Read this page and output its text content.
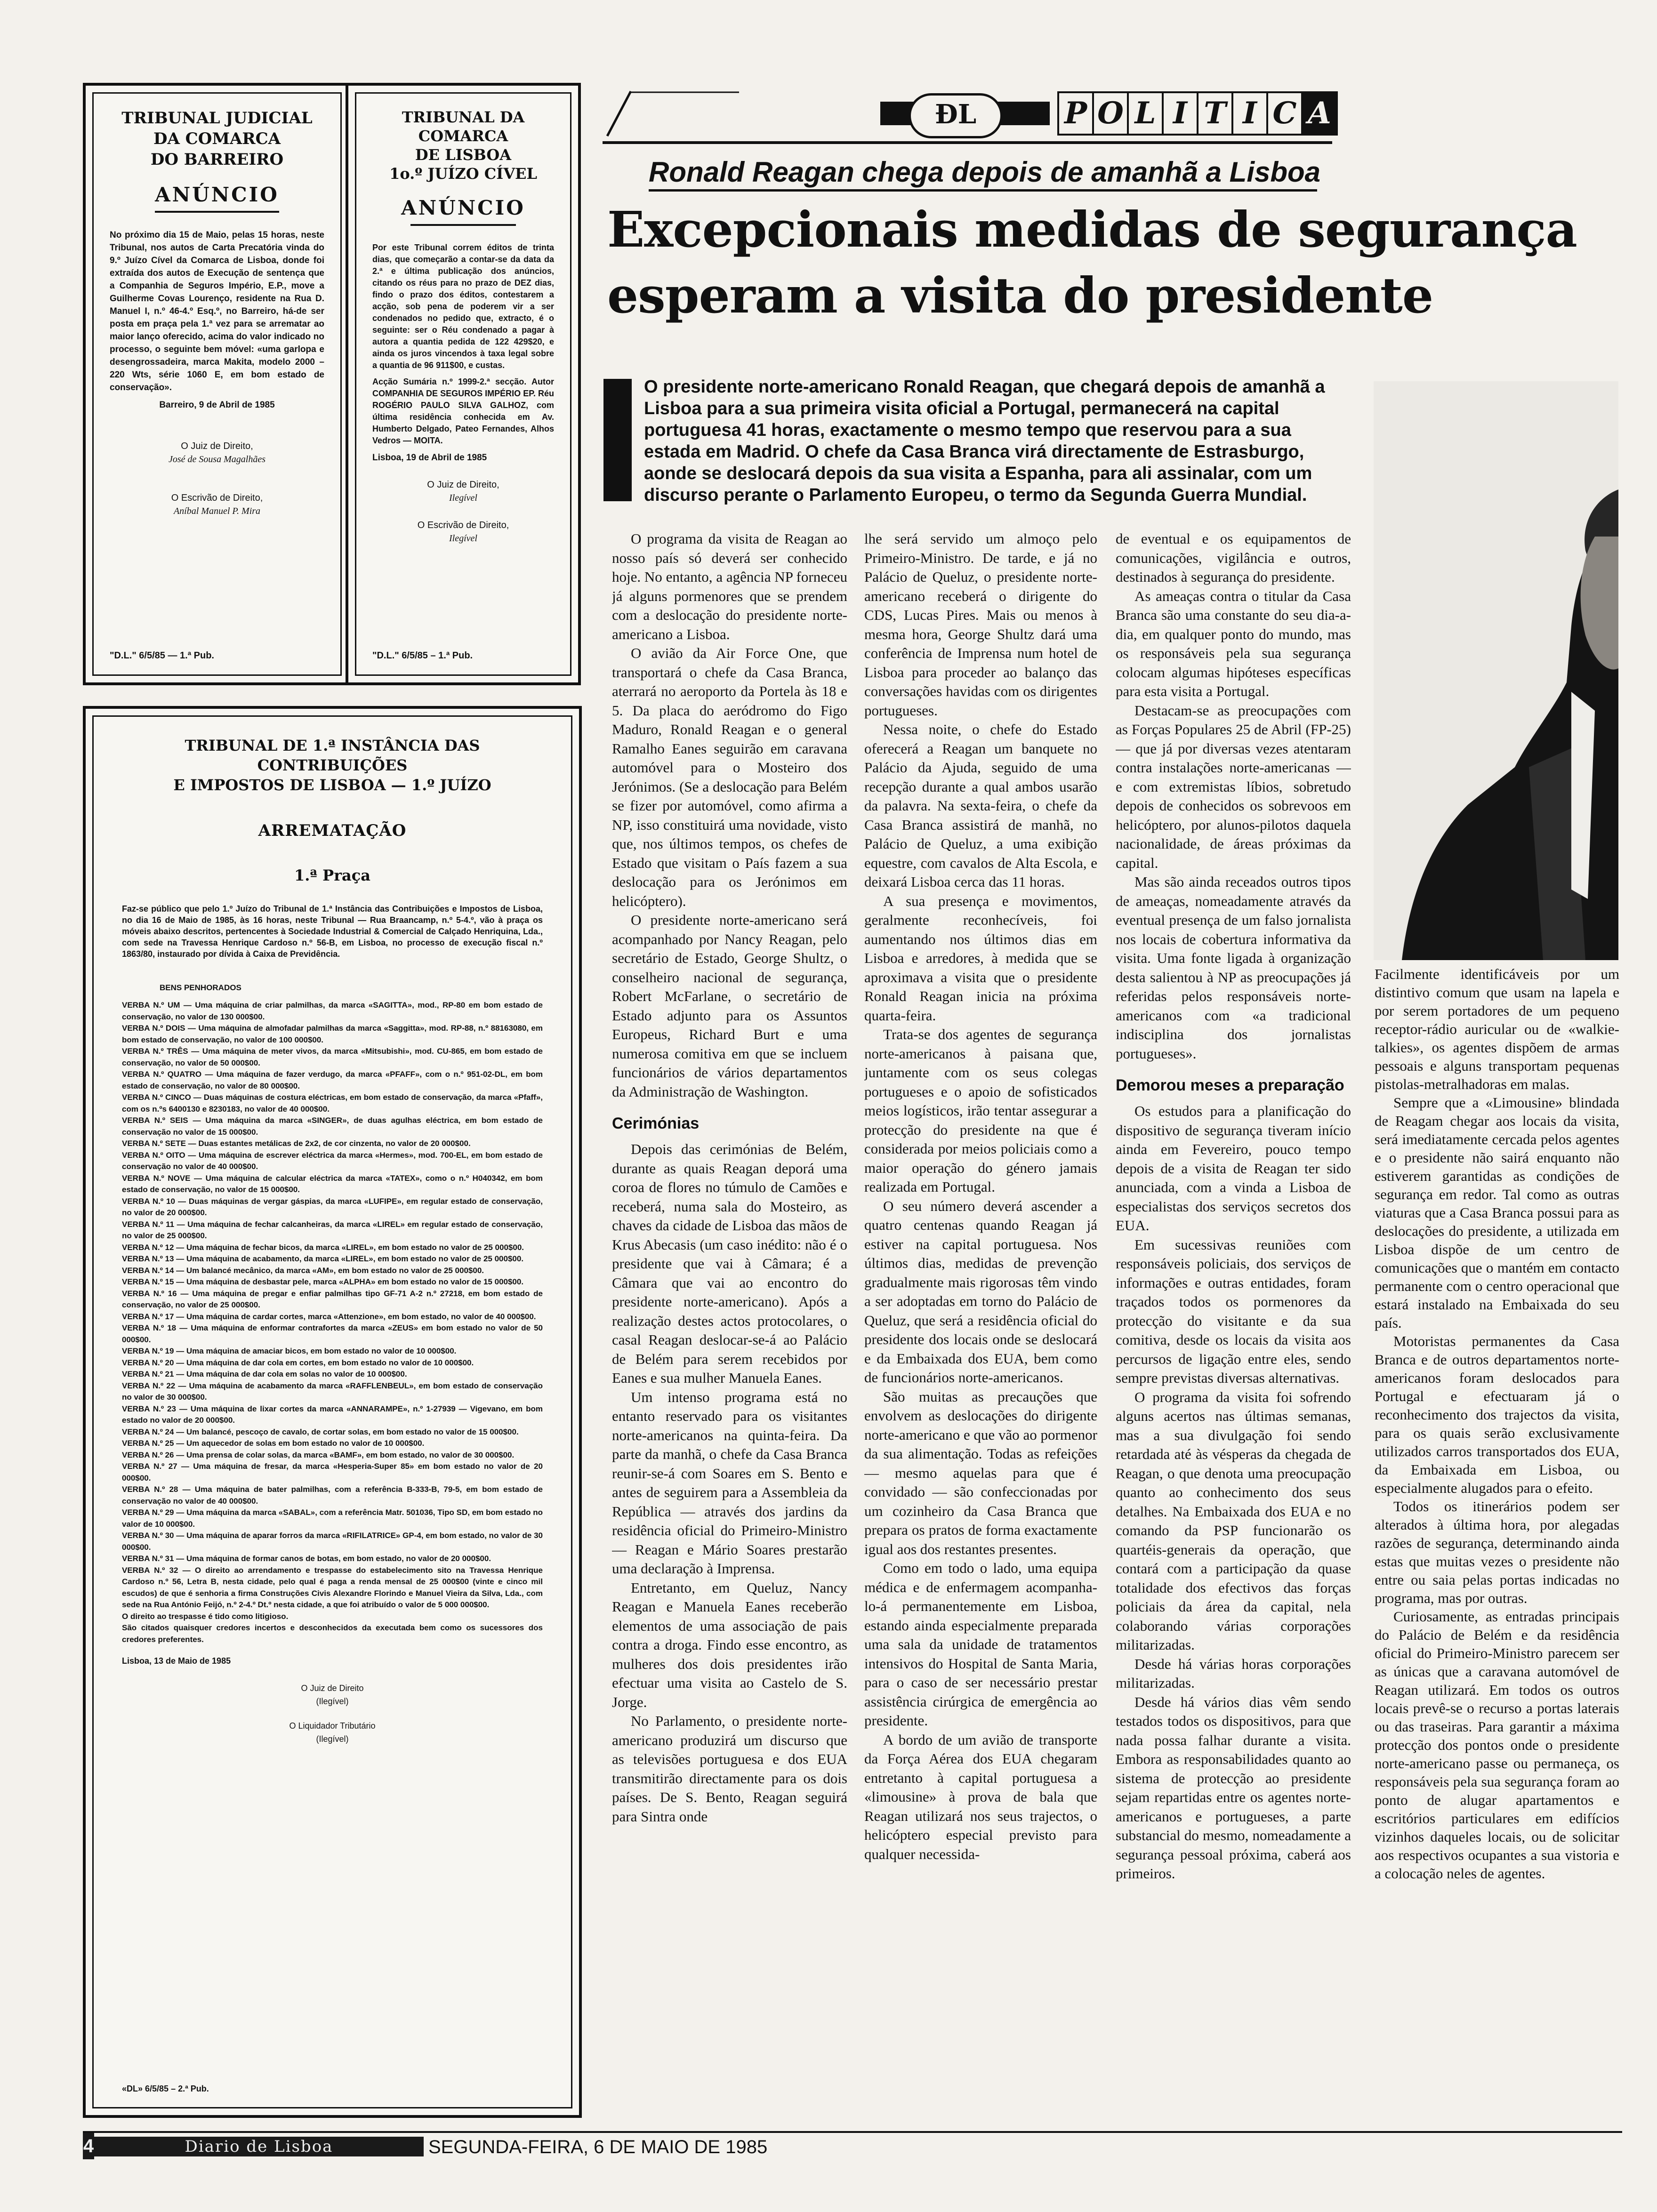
TRIBUNAL JUDICIAL

DA COMARCA

DO BARREIRO

ANÚNCIO

No próximo dia 15 de Maio, pelas 15 horas, neste Tribunal, nos autos de Carta Precatória vinda do 9.º Juízo Cível da Comarca de Lisboa, donde foi extraída dos autos de Execução de sentença que a Companhia de Seguros Império, E.P., move a Guilherme Covas Lourenço, residente na Rua D. Manuel I, n.º 46-4.º Esq.º, no Barreiro, há-de ser posta em praça pela 1.ª vez para se arrematar ao maior lanço oferecido, acima do valor indicado no processo, o seguinte bem móvel: «uma garlopa e desengrossadeira, marca Makita, modelo 2000 – 220 Wts, série 1060 E, em bom estado de conservação».

Barreiro, 9 de Abril de 1985

O Juiz de Direito,

José de Sousa Magalhães

O Escrivão de Direito,

Aníbal Manuel P. Mira

"D.L." 6/5/85 — 1.ª Pub.

TRIBUNAL DA COMARCA

DE LISBOA

1o.º JUÍZO CÍVEL

ANÚNCIO

Por este Tribunal correm éditos de trinta dias, que começarão a contar-se da data da 2.ª e última publicação dos anúncios, citando os réus para no prazo de DEZ dias, findo o prazo dos éditos, contestarem a acção, sob pena de poderem vir a ser condenados no pedido que, extracto, é o seguinte: ser o Réu condenado a pagar à autora a quantia pedida de 122 429$20, e ainda os juros vincendos à taxa legal sobre a quantia de 96 911$00, e custas.

Acção Sumária n.º 1999-2.ª secção. Autor COMPANHIA DE SEGUROS IMPÉRIO EP. Réu ROGÉRIO PAULO SILVA GALHOZ, com última residência conhecida em Av. Humberto Delgado, Pateo Fernandes, Alhos Vedros — MOITA.

Lisboa, 19 de Abril de 1985

O Juiz de Direito,

Ilegível

O Escrivão de Direito,

Ilegível

"D.L." 6/5/85 – 1.ª Pub.

TRIBUNAL DE 1.ª INSTÂNCIA DAS CONTRIBUIÇÕES

E IMPOSTOS DE LISBOA — 1.º JUÍZO

ARREMATAÇÃO

1.ª Praça

Faz-se público que pelo 1.º Juízo do Tribunal de 1.ª Instância das Contribuições e Impostos de Lisboa, no dia 16 de Maio de 1985, às 16 horas, neste Tribunal — Rua Braancamp, n.º 5-4.º, vão à praça os móveis abaixo descritos, pertencentes à Sociedade Industrial & Comercial de Calçado Henriquina, Lda., com sede na Travessa Henrique Cardoso n.º 56-B, em Lisboa, no processo de execução fiscal n.º 1863/80, instaurado por dívida à Caixa de Previdência.

BENS PENHORADOS

VERBA N.º UM — Uma máquina de criar palmilhas, da marca «SAGITTA», mod., RP-80 em bom estado de conservação, no valor de 130 000$00.

VERBA N.º DOIS — Uma máquina de almofadar palmilhas da marca «Saggitta», mod. RP-88, n.º 88163080, em bom estado de conservação, no valor de 100 000$00.

VERBA N.º TRÊS — Uma máquina de meter vivos, da marca «Mitsubishi», mod. CU-865, em bom estado de conservação, no valor de 50 000$00.

VERBA N.º QUATRO — Uma máquina de fazer verdugo, da marca «PFAFF», com o n.º 951-02-DL, em bom estado de conservação, no valor de 80 000$00.

VERBA N.º CINCO — Duas máquinas de costura eléctricas, em bom estado de conservação, da marca «Pfaff», com os n.ºs 6400130 e 8230183, no valor de 40 000$00.

VERBA N.º SEIS — Uma máquina da marca «SINGER», de duas agulhas eléctrica, em bom estado de conservação no valor de 15 000$00.

VERBA N.º SETE — Duas estantes metálicas de 2x2, de cor cinzenta, no valor de 20 000$00.

VERBA N.º OITO — Uma máquina de escrever eléctrica da marca «Hermes», mod. 700-EL, em bom estado de conservação no valor de 40 000$00.

VERBA N.º NOVE — Uma máquina de calcular eléctrica da marca «TATEX», como o n.º H040342, em bom estado de conservação, no valor de 15 000$00.

VERBA N.º 10 — Duas máquinas de vergar gáspias, da marca «LUFIPE», em regular estado de conservação, no valor de 20 000$00.

VERBA N.º 11 — Uma máquina de fechar calcanheiras, da marca «LIREL» em regular estado de conservação, no valor de 25 000$00.

VERBA N.º 12 — Uma máquina de fechar bicos, da marca «LIREL», em bom estado no valor de 25 000$00.

VERBA N.º 13 — Uma máquina de acabamento, da marca «LIREL», em bom estado no valor de 25 000$00.

VERBA N.º 14 — Um balancé mecânico, da marca «AM», em bom estado no valor de 25 000$00.

VERBA N.º 15 — Uma máquina de desbastar pele, marca «ALPHA» em bom estado no valor de 15 000$00.

VERBA N.º 16 — Uma máquina de pregar e enfiar palmilhas tipo GF-71 A-2 n.º 27218, em bom estado de conservação, no valor de 25 000$00.

VERBA N.º 17 — Uma máquina de cardar cortes, marca «Attenzione», em bom estado, no valor de 40 000$00.

VERBA N.º 18 — Uma máquina de enformar contrafortes da marca «ZEUS» em bom estado no valor de 50 000$00.

VERBA N.º 19 — Uma máquina de amaciar bicos, em bom estado no valor de 10 000$00.

VERBA N.º 20 — Uma máquina de dar cola em cortes, em bom estado no valor de 10 000$00.

VERBA N.º 21 — Uma máquina de dar cola em solas no valor de 10 000$00.

VERBA N.º 22 — Uma máquina de acabamento da marca «RAFFLENBEUL», em bom estado de conservação no valor de 30 000$00.

VERBA N.º 23 — Uma máquina de lixar cortes da marca «ANNARAMPE», n.º 1-27939 — Vigevano, em bom estado no valor de 20 000$00.

VERBA N.º 24 — Um balancé, pescoço de cavalo, de cortar solas, em bom estado no valor de 15 000$00.

VERBA N.º 25 — Um aquecedor de solas em bom estado no valor de 10 000$00.

VERBA N.º 26 — Uma prensa de colar solas, da marca «BAMF», em bom estado, no valor de 30 000$00.

VERBA N.º 27 — Uma máquina de fresar, da marca «Hesperia-Super 85» em bom estado no valor de 20 000$00.

VERBA N.º 28 — Uma máquina de bater palmilhas, com a referência B-333-B, 79-5, em bom estado de conservação no valor de 40 000$00.

VERBA N.º 29 — Uma máquina da marca «SABAL», com a referência Matr. 501036, Tipo SD, em bom estado no valor de 10 000$00.

VERBA N.º 30 — Uma máquina de aparar forros da marca «RIFILATRICE» GP-4, em bom estado, no valor de 30 000$00.

VERBA N.º 31 — Uma máquina de formar canos de botas, em bom estado, no valor de 20 000$00.

VERBA N.º 32 — O direito ao arrendamento e trespasse do estabelecimento sito na Travessa Henrique Cardoso n.º 56, Letra B, nesta cidade, pelo qual é paga a renda mensal de 25 000$00 (vinte e cinco mil escudos) de que é senhoria a firma Construções Civis Alexandre Florindo e Manuel Vieira da Silva, Lda., com sede na Rua António Feijó, n.º 2-4.º Dt.º nesta cidade, a que foi atribuído o valor de 5 000 000$00.

O direito ao trespasse é tido como litigioso.

São citados quaisquer credores incertos e desconhecidos da executada bem como os sucessores dos credores preferentes.

Lisboa, 13 de Maio de 1985

O Juiz de Direito

(Ilegível)

O Liquidador Tributário

(Ilegível)

«DL» 6/5/85 – 2.ª Pub.
ÐL	P O L I T I C A
Ronald Reagan chega depois de amanhã a Lisboa
Excepcionais medidas de segurança
esperam a visita do presidente
I	O presidente norte-americano Ronald Reagan, que chegará depois de amanhã a Lisboa para a sua primeira visita oficial a Portugal, permanecerá na capital portuguesa 41 horas, exactamente o mesmo tempo que reservou para a sua estada em Madrid. O chefe da Casa Branca virá directamente de Estrasburgo, aonde se deslocará depois da sua visita a Espanha, para ali assinalar, com um discurso perante o Parlamento Europeu, o termo da Segunda Guerra Mundial.

O programa da visita de Reagan ao nosso país só deverá ser conhecido hoje. No entanto, a agência NP forneceu já alguns pormenores que se prendem com a deslocação do presidente norte-americano a Lisboa.

O avião da Air Force One, que transportará o chefe da Casa Branca, aterrará no aeroporto da Portela às 18 e 5. Da placa do aeródromo do Figo Maduro, Ronald Reagan e o general Ramalho Eanes seguirão em caravana automóvel para o Mosteiro dos Jerónimos. (Se a deslocação para Belém se fizer por automóvel, como afirma a NP, isso constituirá uma novidade, visto que, nos últimos tempos, os chefes de Estado que visitam o País fazem a sua deslocação para os Jerónimos em helicóptero).

O presidente norte-americano será acompanhado por Nancy Reagan, pelo secretário de Estado, George Shultz, o conselheiro nacional de segurança, Robert McFarlane, o secretário de Estado adjunto para os Assuntos Europeus, Richard Burt e uma numerosa comitiva em que se incluem funcionários de vários departamentos da Administração de Washington.

Cerimónias

Depois das cerimónias de Belém, durante as quais Reagan deporá uma coroa de flores no túmulo de Camões e receberá, numa sala do Mosteiro, as chaves da cidade de Lisboa das mãos de Krus Abecasis (um caso inédito: não é o presidente que vai à Câmara; é a Câmara que vai ao encontro do presidente norte-americano). Após a realização destes actos protocolares, o casal Reagan deslocar-se-á ao Palácio de Belém para serem recebidos por Eanes e sua mulher Manuela Eanes.

Um intenso programa está no entanto reservado para os visitantes norte-americanos na quinta-feira. Da parte da manhã, o chefe da Casa Branca reunir-se-á com Soares em S. Bento e antes de seguirem para a Assembleia da República — através dos jardins da residência oficial do Primeiro-Ministro — Reagan e Mário Soares prestarão uma declaração à Imprensa.

Entretanto, em Queluz, Nancy Reagan e Manuela Eanes receberão elementos de uma associação de pais contra a droga. Findo esse encontro, as mulheres dos dois presidentes irão efectuar uma visita ao Castelo de S. Jorge.

No Parlamento, o presidente norte-americano produzirá um discurso que as televisões portuguesa e dos EUA transmitirão directamente para os dois países. De S. Bento, Reagan seguirá para Sintra onde

lhe será servido um almoço pelo Primeiro-Ministro. De tarde, e já no Palácio de Queluz, o presidente norte-americano receberá o dirigente do CDS, Lucas Pires. Mais ou menos à mesma hora, George Shultz dará uma conferência de Imprensa num hotel de Lisboa para proceder ao balanço das conversações havidas com os dirigentes portugueses.

Nessa noite, o chefe do Estado oferecerá a Reagan um banquete no Palácio da Ajuda, seguido de uma recepção durante a qual ambos usarão da palavra. Na sexta-feira, o chefe da Casa Branca assistirá de manhã, no Palácio de Queluz, a uma exibição equestre, com cavalos de Alta Escola, e deixará Lisboa cerca das 11 horas.

A sua presença e movimentos, geralmente reconhecíveis, foi aumentando nos últimos dias em Lisboa e arredores, à medida que se aproximava a visita que o presidente Ronald Reagan inicia na próxima quarta-feira.

Trata-se dos agentes de segurança norte-americanos à paisana que, juntamente com os seus colegas portugueses e o apoio de sofisticados meios logísticos, irão tentar assegurar a protecção do presidente na que é considerada por meios policiais como a maior operação do género jamais realizada em Portugal.

O seu número deverá ascender a quatro centenas quando Reagan já estiver na capital portuguesa. Nos últimos dias, medidas de prevenção gradualmente mais rigorosas têm vindo a ser adoptadas em torno do Palácio de Queluz, que será a residência oficial do presidente dos locais onde se deslocará e da Embaixada dos EUA, bem como de funcionários norte-americanos.

São muitas as precauções que envolvem as deslocações do dirigente norte-americano e que vão ao pormenor da sua alimentação. Todas as refeições — mesmo aquelas para que é convidado — são confeccionadas por um cozinheiro da Casa Branca que prepara os pratos de forma exactamente igual aos dos restantes presentes.

Como em todo o lado, uma equipa médica e de enfermagem acompanha-lo-á permanentemente em Lisboa, estando ainda especialmente preparada uma sala da unidade de tratamentos intensivos do Hospital de Santa Maria, para o caso de ser necessário prestar assistência cirúrgica de emergência ao presidente.

A bordo de um avião de transporte da Força Aérea dos EUA chegaram entretanto à capital portuguesa a «limousine» à prova de bala que Reagan utilizará nos seus trajectos, o helicóptero especial previsto para qualquer necessida-

de eventual e os equipamentos de comunicações, vigilância e outros, destinados à segurança do presidente.

As ameaças contra o titular da Casa Branca são uma constante do seu dia-a-dia, em qualquer ponto do mundo, mas os responsáveis pela sua segurança colocam algumas hipóteses específicas para esta visita a Portugal.

Destacam-se as preocupações com as Forças Populares 25 de Abril (FP-25) — que já por diversas vezes atentaram contra instalações norte-americanas — e com extremistas líbios, sobretudo depois de conhecidos os sobrevoos em helicóptero, por alunos-pilotos daquela nacionalidade, de áreas próximas da capital.

Mas são ainda receados outros tipos de ameaças, nomeadamente através da eventual presença de um falso jornalista nos locais de cobertura informativa da visita. Uma fonte ligada à organização desta salientou à NP as preocupações já referidas pelos responsáveis norte-americanos com «a tradicional indisciplina dos jornalistas portugueses».

Demorou meses a preparação

Os estudos para a planificação do dispositivo de segurança tiveram início ainda em Fevereiro, pouco tempo depois de a visita de Reagan ter sido anunciada, com a vinda a Lisboa de especialistas dos serviços secretos dos EUA.

Em sucessivas reuniões com responsáveis policiais, dos serviços de informações e outras entidades, foram traçados todos os pormenores da protecção do visitante e da sua comitiva, desde os locais da visita aos percursos de ligação entre eles, sendo sempre previstas diversas alternativas.

O programa da visita foi sofrendo alguns acertos nas últimas semanas, mas a sua divulgação foi sendo retardada até às vésperas da chegada de Reagan, o que denota uma preocupação quanto ao conhecimento dos seus detalhes. Na Embaixada dos EUA e no comando da PSP funcionarão os quartéis-generais da operação, que contará com a participação da quase totalidade dos efectivos das forças policiais da área da capital, nela colaborando várias corporações militarizadas.

Desde há várias horas corporações militarizadas.

Desde há vários dias vêm sendo testados todos os dispositivos, para que nada possa falhar durante a visita. Embora as responsabilidades quanto ao sistema de protecção ao presidente sejam repartidas entre os agentes norte-americanos e portugueses, a parte substancial do mesmo, nomeadamente a segurança pessoal próxima, caberá aos primeiros.

Facilmente identificáveis por um distintivo comum que usam na lapela e por serem portadores de um pequeno receptor-rádio auricular ou de «walkie-talkies», os agentes dispõem de armas pessoais e alguns transportam pequenas pistolas-metralhadoras em malas.

Sempre que a «Limousine» blindada de Reagam chegar aos locais da visita, será imediatamente cercada pelos agentes e o presidente não sairá enquanto não estiverem garantidas as condições de segurança em redor. Tal como as outras viaturas que a Casa Branca possui para as deslocações do presidente, a utilizada em Lisboa dispõe de um centro de comunicações que o mantém em contacto permanente com o centro operacional que estará instalado na Embaixada do seu país.

Motoristas permanentes da Casa Branca e de outros departamentos norte-americanos foram deslocados para Portugal e efectuaram já o reconhecimento dos trajectos da visita, para os quais serão exclusivamente utilizados carros transportados dos EUA, da Embaixada em Lisboa, ou especialmente alugados para o efeito.

Todos os itinerários podem ser alterados à última hora, por alegadas razões de segurança, determinando ainda estas que muitas vezes o presidente não entre ou saia pelas portas indicadas no programa, mas por outras.

Curiosamente, as entradas principais do Palácio de Belém e da residência oficial do Primeiro-Ministro parecem ser as únicas que a caravana automóvel de Reagan utilizará. Em todos os outros locais prevê-se o recurso a portas laterais ou das traseiras. Para garantir a máxima protecção dos pontos onde o presidente norte-americano passe ou permaneça, os responsáveis pela sua segurança foram ao ponto de alugar apartamentos e escritórios particulares em edifícios vizinhos daqueles locais, ou de solicitar aos respectivos ocupantes a sua vistoria e a colocação neles de agentes.

4	Diario de Lisboa	SEGUNDA-FEIRA, 6 DE MAIO DE 1985
